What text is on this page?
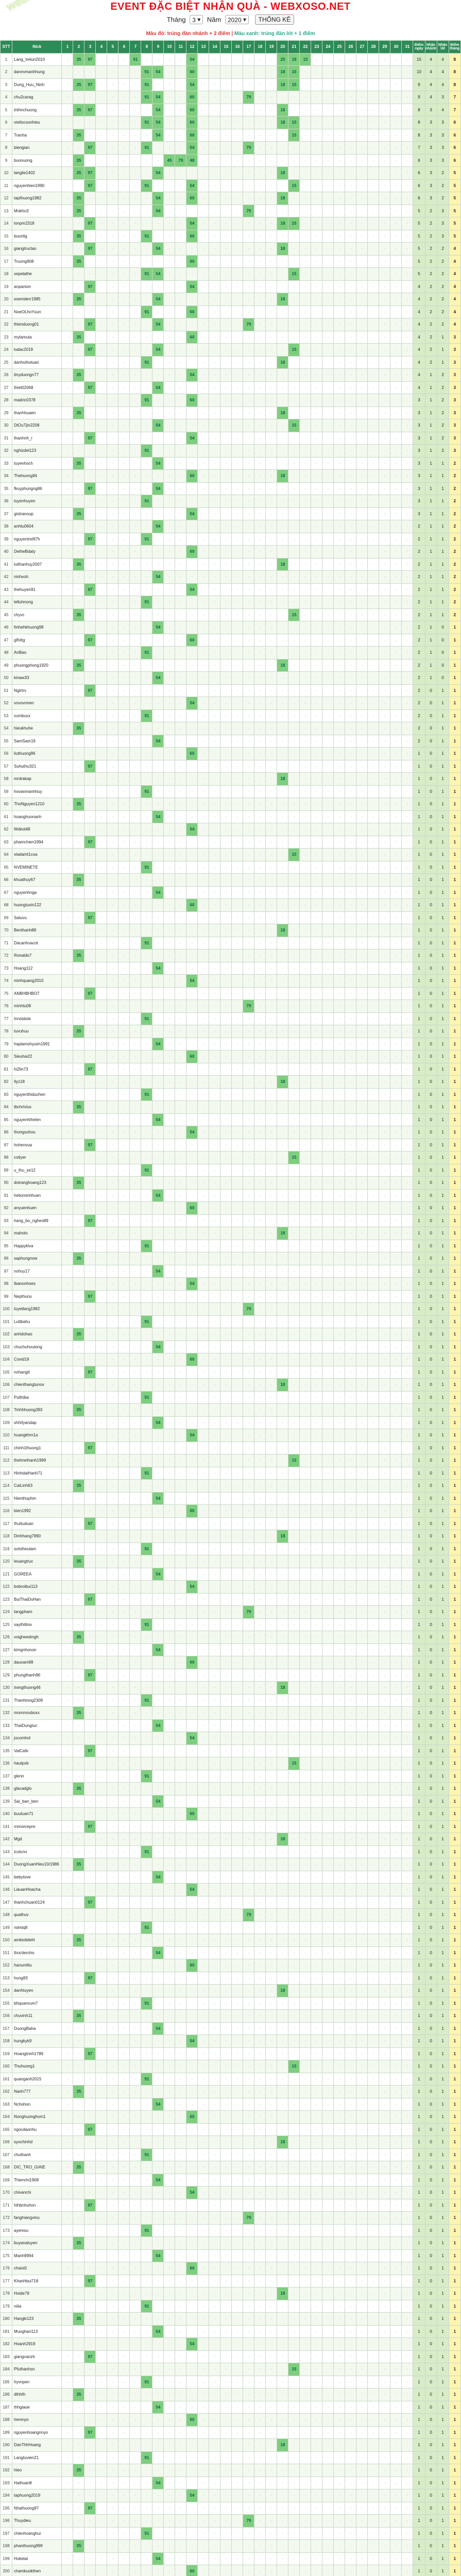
EVENT ĐẶC BIỆT NHẬN QUÀ - WEBXOSO.NET
Tháng 3 ▾ Năm 2020 ▾ THỐNG KÊ
Màu đỏ: trúng đàn nhánh + 2 điểm | Màu xanh: trúng đàn lót + 1 điểm
STT	Nick	1	2	3	4	5	6	7	8	9	10	11	12	13	14	15	16	17	18	19	20	21	22	23	24	25	26	27	28	29	30	31	Điểm ngày	Nhận nhánh	Nhận lót	Điểm tháng
1	Lang_trelun2010	-	35	97	-	-	-	91	-	-	-	-	54	-	-	-	-	-	-	-	20	18	15	-	-	-	-	-	-	-	-	-	15	4	4	8
2	dannvmanhhung	-	-	-	-	-	-	-	91	54	-	-	60	-	-	-	-	-	-	-	18	15	-	-	-	-	-	-	-	-	-	-	10	4	4	8
3	Dung_Huu_Ninh	-	35	97	-	-	-	-	91	-	-	-	54	-	-	-	-	-	-	-	18	15	-	-	-	-	-	-	-	-	-	-	9	4	4	8
4	chu2carag	-	-	-	-	-	-	-	91	54	-	-	60	-	-	-	-	79	-	-	-	-	-	-	-	-	-	-	-	-	-	-	9	4	3	7
5	tnthnchuong	-	35	97	-	-	-	-	-	54	-	-	60	-	-	-	-	-	-	-	18	-	-	-	-	-	-	-	-	-	-	-	8	3	4	7
6	vietlocsonhieu	-	-	-	-	-	-	-	91	54	-	-	60	-	-	-	-	-	-	-	18	15	-	-	-	-	-	-	-	-	-	-	8	3	3	6
7	Tranha	-	35	-	-	-	-	-	-	54	-	-	60	-	-	-	-	-	-	-	-	15	-	-	-	-	-	-	-	-	-	-	8	3	3	6
8	biengian	-	-	97	-	-	-	-	91	-	-	-	54	-	-	-	-	79	-	-	-	-	-	-	-	-	-	-	-	-	-	-	7	3	3	6
9	buonuong	-	35	-	-	-	-	-	-	-	45	79	48	-	-	-	-	-	-	-	-	-	-	-	-	-	-	-	-	-	-	-	6	3	3	6
10	langlie1402	-	35	97	-	-	-	-	-	54	-	-	-	-	-	-	-	-	-	-	18	-	-	-	-	-	-	-	-	-	-	-	6	3	2	5
11	nguyenhien1990	-	-	97	-	-	-	-	91	-	-	-	54	-	-	-	-	-	-	-	-	15	-	-	-	-	-	-	-	-	-	-	6	3	2	5
12	tapthuong1982	-	35	-	-	-	-	-	-	54	-	-	60	-	-	-	-	-	-	-	18	-	-	-	-	-	-	-	-	-	-	-	6	3	2	5
13	Mokho3	-	35	-	-	-	-	-	-	54	-	-	-	-	-	-	-	79	-	-	-	-	-	-	-	-	-	-	-	-	-	-	5	2	3	5
14	lonpm2318	-	-	97	-	-	-	-	-	-	-	-	54	-	-	-	-	-	-	-	18	15	-	-	-	-	-	-	-	-	-	-	5	2	3	5
15	buonlig	-	35	-	-	-	-	-	91	-	-	-	60	-	-	-	-	-	-	-	-	-	-	-	-	-	-	-	-	-	-	-	5	2	3	5
16	giangtruclao	-	-	97	-	-	-	-	-	54	-	-	-	-	-	-	-	-	-	-	18	-	-	-	-	-	-	-	-	-	-	-	5	2	2	4
17	Truong908	-	35	-	-	-	-	-	-	-	-	-	60	-	-	-	-	-	-	-	-	-	-	-	-	-	-	-	-	-	-	-	5	2	2	4
18	xepelathe	-	-	-	-	-	-	-	91	54	-	-	-	-	-	-	-	-	-	-	-	15	-	-	-	-	-	-	-	-	-	-	5	2	2	4
19	anpanion	-	-	97	-	-	-	-	-	-	-	-	54	-	-	-	-	-	-	-	-	-	-	-	-	-	-	-	-	-	-	-	4	2	2	4
20	soemderr1985	-	35	-	-	-	-	-	-	54	-	-	-	-	-	-	-	-	-	-	18	-	-	-	-	-	-	-	-	-	-	-	4	2	2	4
21	NoeOLhoYuun	-	-	-	-	-	-	-	91	-	-	-	60	-	-	-	-	-	-	-	-	-	-	-	-	-	-	-	-	-	-	-	4	2	2	4
22	thienduong01	-	-	97	-	-	-	-	-	54	-	-	-	-	-	-	-	79	-	-	-	-	-	-	-	-	-	-	-	-	-	-	4	2	2	4
23	mylamuta	-	35	-	-	-	-	-	-	-	-	-	60	-	-	-	-	-	-	-	-	-	-	-	-	-	-	-	-	-	-	-	4	2	1	3
24	ludac2019	-	-	97	-	-	-	-	-	54	-	-	-	-	-	-	-	-	-	-	-	15	-	-	-	-	-	-	-	-	-	-	4	2	1	3
25	danhoihotuan	-	-	-	-	-	-	-	91	-	-	-	-	-	-	-	-	-	-	-	18	-	-	-	-	-	-	-	-	-	-	-	4	2	1	3
26	tinyduongn77	-	35	-	-	-	-	-	-	-	-	-	54	-	-	-	-	-	-	-	-	-	-	-	-	-	-	-	-	-	-	-	4	1	2	3
27	thiet02068	-	-	97	-	-	-	-	-	54	-	-	-	-	-	-	-	-	-	-	-	-	-	-	-	-	-	-	-	-	-	-	4	1	2	3
28	madric0378	-	-	-	-	-	-	-	91	-	-	-	60	-	-	-	-	-	-	-	-	-	-	-	-	-	-	-	-	-	-	-	3	1	2	3
29	thanhhuaen	-	35	-	-	-	-	-	-	-	-	-	-	-	-	-	-	-	-	-	18	-	-	-	-	-	-	-	-	-	-	-	3	1	2	3
30	DtOuTjin2208	-	-	-	-	-	-	-	-	54	-	-	-	-	-	-	-	-	-	-	-	15	-	-	-	-	-	-	-	-	-	-	3	1	2	3
31	thanhnh_r	-	-	97	-	-	-	-	-	-	-	-	54	-	-	-	-	-	-	-	-	-	-	-	-	-	-	-	-	-	-	-	3	1	2	3
32	nghizdel123	-	-	-	-	-	-	-	91	-	-	-	-	-	-	-	-	-	-	-	-	-	-	-	-	-	-	-	-	-	-	-	3	1	2	3
33	tuyenhoch	-	35	-	-	-	-	-	-	54	-	-	-	-	-	-	-	-	-	-	-	-	-	-	-	-	-	-	-	-	-	-	3	1	1	2
34	Thehuong94	-	-	-	-	-	-	-	-	-	-	-	60	-	-	-	-	-	-	-	18	-	-	-	-	-	-	-	-	-	-	-	3	1	1	2
35	fkuyphungng86	-	-	97	-	-	-	-	-	54	-	-	-	-	-	-	-	-	-	-	-	-	-	-	-	-	-	-	-	-	-	-	3	1	1	2
36	tuyenhuyen	-	-	-	-	-	-	-	91	-	-	-	-	-	-	-	-	-	-	-	-	-	-	-	-	-	-	-	-	-	-	-	3	1	1	2
37	giotranoup	-	35	-	-	-	-	-	-	-	-	-	54	-	-	-	-	-	-	-	-	-	-	-	-	-	-	-	-	-	-	-	3	1	1	2
38	anhtu0604	-	-	-	-	-	-	-	-	54	-	-	-	-	-	-	-	-	-	-	-	-	-	-	-	-	-	-	-	-	-	-	2	1	1	2
39	nguyentrel97h	-	-	97	-	-	-	-	91	-	-	-	-	-	-	-	-	-	-	-	-	-	-	-	-	-	-	-	-	-	-	-	2	1	1	2
40	DetheBdaty	-	-	-	-	-	-	-	-	-	-	-	60	-	-	-	-	-	-	-	-	-	-	-	-	-	-	-	-	-	-	-	2	1	1	2
41	luithanhuy2007	-	35	-	-	-	-	-	-	-	-	-	-	-	-	-	-	-	-	-	18	-	-	-	-	-	-	-	-	-	-	-	2	1	1	2
42	ninhvoh	-	-	-	-	-	-	-	-	54	-	-	-	-	-	-	-	-	-	-	-	-	-	-	-	-	-	-	-	-	-	-	2	1	1	2
43	thehuyen91	-	-	97	-	-	-	-	-	-	-	-	54	-	-	-	-	-	-	-	-	-	-	-	-	-	-	-	-	-	-	-	2	1	1	2
44	leltuhnong	-	-	-	-	-	-	-	91	-	-	-	-	-	-	-	-	-	-	-	-	-	-	-	-	-	-	-	-	-	-	-	2	1	1	2
45	chyvc	-	35	-	-	-	-	-	-	-	-	-	-	-	-	-	-	-	-	-	-	15	-	-	-	-	-	-	-	-	-	-	2	1	1	2
46	fmhehkhuong98	-	-	-	-	-	-	-	-	54	-	-	-	-	-	-	-	-	-	-	-	-	-	-	-	-	-	-	-	-	-	-	2	1	0	1
47	glfxttg	-	-	97	-	-	-	-	-	-	-	-	60	-	-	-	-	-	-	-	-	-	-	-	-	-	-	-	-	-	-	-	2	1	0	1
48	AnBao	-	-	-	-	-	-	-	91	-	-	-	-	-	-	-	-	-	-	-	-	-	-	-	-	-	-	-	-	-	-	-	2	1	0	1
49	phuongphong1920	-	35	-	-	-	-	-	-	-	-	-	-	-	-	-	-	-	-	-	18	-	-	-	-	-	-	-	-	-	-	-	2	1	0	1
50	kinaw33	-	-	-	-	-	-	-	-	54	-	-	-	-	-	-	-	-	-	-	-	-	-	-	-	-	-	-	-	-	-	-	2	1	0	1
51	Ngtrtrv	-	-	97	-	-	-	-	-	-	-	-	-	-	-	-	-	-	-	-	-	-	-	-	-	-	-	-	-	-	-	-	2	0	1	1
52	vovovnnen	-	-	-	-	-	-	-	-	-	-	-	54	-	-	-	-	-	-	-	-	-	-	-	-	-	-	-	-	-	-	-	2	0	1	1
53	vumbuxx	-	-	-	-	-	-	-	91	-	-	-	-	-	-	-	-	-	-	-	-	-	-	-	-	-	-	-	-	-	-	-	2	0	1	1
54	hieukhuhe	-	35	-	-	-	-	-	-	-	-	-	-	-	-	-	-	-	-	-	-	-	-	-	-	-	-	-	-	-	-	-	2	0	1	1
55	SamSam19	-	-	-	-	-	-	-	-	54	-	-	-	-	-	-	-	-	-	-	-	-	-	-	-	-	-	-	-	-	-	-	2	0	1	1
56	liuthuong96	-	-	-	-	-	-	-	-	-	-	-	60	-	-	-	-	-	-	-	-	-	-	-	-	-	-	-	-	-	-	-	1	0	1	1
57	Suhuthu321	-	-	97	-	-	-	-	-	-	-	-	-	-	-	-	-	-	-	-	-	-	-	-	-	-	-	-	-	-	-	-	1	0	1	1
58	mrdrakap	-	-	-	-	-	-	-	-	-	-	-	-	-	-	-	-	-	-	-	18	-	-	-	-	-	-	-	-	-	-	-	1	0	1	1
59	hovanmanhhuy	-	-	-	-	-	-	-	91	-	-	-	-	-	-	-	-	-	-	-	-	-	-	-	-	-	-	-	-	-	-	-	1	0	1	1
60	ThoNguyen1210	-	35	-	-	-	-	-	-	-	-	-	-	-	-	-	-	-	-	-	-	-	-	-	-	-	-	-	-	-	-	-	1	0	1	1
61	hoanghoonanh	-	-	-	-	-	-	-	-	54	-	-	-	-	-	-	-	-	-	-	-	-	-	-	-	-	-	-	-	-	-	-	1	0	1	1
62	Wdeol48	-	-	-	-	-	-	-	-	-	-	-	54	-	-	-	-	-	-	-	-	-	-	-	-	-	-	-	-	-	-	-	1	0	1	1
63	phamchien1994	-	-	97	-	-	-	-	-	-	-	-	-	-	-	-	-	-	-	-	-	-	-	-	-	-	-	-	-	-	-	-	1	0	1	1
64	vladamt1coa	-	-	-	-	-	-	-	-	-	-	-	-	-	-	-	-	-	-	-	-	15	-	-	-	-	-	-	-	-	-	-	1	0	1	1
65	NVEMINETE	-	-	-	-	-	-	-	91	-	-	-	-	-	-	-	-	-	-	-	-	-	-	-	-	-	-	-	-	-	-	-	1	0	1	1
66	khuathuy67	-	35	-	-	-	-	-	-	-	-	-	-	-	-	-	-	-	-	-	-	-	-	-	-	-	-	-	-	-	-	-	1	0	1	1
67	nguyenhnga	-	-	-	-	-	-	-	-	54	-	-	-	-	-	-	-	-	-	-	-	-	-	-	-	-	-	-	-	-	-	-	1	0	1	1
68	huongtuoin122	-	-	-	-	-	-	-	-	-	-	-	60	-	-	-	-	-	-	-	-	-	-	-	-	-	-	-	-	-	-	-	1	0	1	1
69	Satuvu	-	-	97	-	-	-	-	-	-	-	-	-	-	-	-	-	-	-	-	-	-	-	-	-	-	-	-	-	-	-	-	1	0	1	1
70	Benthanh88	-	-	-	-	-	-	-	-	-	-	-	-	-	-	-	-	-	-	-	18	-	-	-	-	-	-	-	-	-	-	-	1	0	1	1
71	Dacanhvacot	-	-	-	-	-	-	-	91	-	-	-	-	-	-	-	-	-	-	-	-	-	-	-	-	-	-	-	-	-	-	-	1	0	1	1
72	Ronaldo7	-	35	-	-	-	-	-	-	-	-	-	-	-	-	-	-	-	-	-	-	-	-	-	-	-	-	-	-	-	-	-	1	0	1	1
73	Hoang112	-	-	-	-	-	-	-	-	54	-	-	-	-	-	-	-	-	-	-	-	-	-	-	-	-	-	-	-	-	-	-	1	0	1	1
74	minhquang2010	-	-	-	-	-	-	-	-	-	-	-	54	-	-	-	-	-	-	-	-	-	-	-	-	-	-	-	-	-	-	-	1	0	1	1
75	ANBHBHBO7	-	-	97	-	-	-	-	-	-	-	-	-	-	-	-	-	-	-	-	-	-	-	-	-	-	-	-	-	-	-	-	1	0	1	1
76	minhtu08	-	-	-	-	-	-	-	-	-	-	-	-	-	-	-	-	79	-	-	-	-	-	-	-	-	-	-	-	-	-	-	1	0	1	1
77	Innstdote	-	-	-	-	-	-	-	91	-	-	-	-	-	-	-	-	-	-	-	-	-	-	-	-	-	-	-	-	-	-	-	1	0	1	1
78	tuvuhuu	-	35	-	-	-	-	-	-	-	-	-	-	-	-	-	-	-	-	-	-	-	-	-	-	-	-	-	-	-	-	-	1	0	1	1
79	haplamohyuim1991	-	-	-	-	-	-	-	-	54	-	-	-	-	-	-	-	-	-	-	-	-	-	-	-	-	-	-	-	-	-	-	1	0	1	1
80	Sieuhai22	-	-	-	-	-	-	-	-	-	-	-	60	-	-	-	-	-	-	-	-	-	-	-	-	-	-	-	-	-	-	-	1	0	1	1
81	hi2lin73	-	-	97	-	-	-	-	-	-	-	-	-	-	-	-	-	-	-	-	-	-	-	-	-	-	-	-	-	-	-	-	1	0	1	1
82	Ilyz18	-	-	-	-	-	-	-	-	-	-	-	-	-	-	-	-	-	-	-	18	-	-	-	-	-	-	-	-	-	-	-	1	0	1	1
83	nguyenthiduchen	-	-	-	-	-	-	-	91	-	-	-	-	-	-	-	-	-	-	-	-	-	-	-	-	-	-	-	-	-	-	-	1	0	1	1
84	tbchrivius	-	35	-	-	-	-	-	-	-	-	-	-	-	-	-	-	-	-	-	-	-	-	-	-	-	-	-	-	-	-	-	1	0	1	1
85	nguyenhihelen	-	-	-	-	-	-	-	-	54	-	-	-	-	-	-	-	-	-	-	-	-	-	-	-	-	-	-	-	-	-	-	1	0	1	1
86	thongsohou	-	-	-	-	-	-	-	-	-	-	-	54	-	-	-	-	-	-	-	-	-	-	-	-	-	-	-	-	-	-	-	1	0	1	1
87	hohenvua	-	-	97	-	-	-	-	-	-	-	-	-	-	-	-	-	-	-	-	-	-	-	-	-	-	-	-	-	-	-	-	1	0	1	1
88	cotiyer	-	-	-	-	-	-	-	-	-	-	-	-	-	-	-	-	-	-	-	-	15	-	-	-	-	-	-	-	-	-	-	1	0	1	1
89	u_thu_se12	-	-	-	-	-	-	-	91	-	-	-	-	-	-	-	-	-	-	-	-	-	-	-	-	-	-	-	-	-	-	-	1	0	1	1
90	dotranghoang123	-	35	-	-	-	-	-	-	-	-	-	-	-	-	-	-	-	-	-	-	-	-	-	-	-	-	-	-	-	-	-	1	0	1	1
91	heliominhhuen	-	-	-	-	-	-	-	-	54	-	-	-	-	-	-	-	-	-	-	-	-	-	-	-	-	-	-	-	-	-	-	1	0	1	1
92	anyuenhuen	-	-	-	-	-	-	-	-	-	-	-	60	-	-	-	-	-	-	-	-	-	-	-	-	-	-	-	-	-	-	-	1	0	1	1
93	hang_bo_ngheo89	-	-	97	-	-	-	-	-	-	-	-	-	-	-	-	-	-	-	-	-	-	-	-	-	-	-	-	-	-	-	-	1	0	1	1
94	mahoto	-	-	-	-	-	-	-	-	-	-	-	-	-	-	-	-	-	-	-	18	-	-	-	-	-	-	-	-	-	-	-	1	0	1	1
95	Happyklva	-	-	-	-	-	-	-	91	-	-	-	-	-	-	-	-	-	-	-	-	-	-	-	-	-	-	-	-	-	-	-	1	0	1	1
96	saphungnow	-	35	-	-	-	-	-	-	-	-	-	-	-	-	-	-	-	-	-	-	-	-	-	-	-	-	-	-	-	-	-	1	0	1	1
97	nohuy17	-	-	-	-	-	-	-	-	54	-	-	-	-	-	-	-	-	-	-	-	-	-	-	-	-	-	-	-	-	-	-	1	0	1	1
98	Ibanonhoes	-	-	-	-	-	-	-	-	-	-	-	54	-	-	-	-	-	-	-	-	-	-	-	-	-	-	-	-	-	-	-	1	0	1	1
99	Nepthunu	-	-	97	-	-	-	-	-	-	-	-	-	-	-	-	-	-	-	-	-	-	-	-	-	-	-	-	-	-	-	-	1	0	1	1
100	tuyetlang1982	-	-	-	-	-	-	-	-	-	-	-	-	-	-	-	-	79	-	-	-	-	-	-	-	-	-	-	-	-	-	-	1	0	1	1
101	Luttbahu	-	-	-	-	-	-	-	91	-	-	-	-	-	-	-	-	-	-	-	-	-	-	-	-	-	-	-	-	-	-	-	1	0	1	1
102	anhdohao	-	35	-	-	-	-	-	-	-	-	-	-	-	-	-	-	-	-	-	-	-	-	-	-	-	-	-	-	-	-	-	1	0	1	1
103	chuchuhoutong	-	-	-	-	-	-	-	-	54	-	-	-	-	-	-	-	-	-	-	-	-	-	-	-	-	-	-	-	-	-	-	1	0	1	1
104	Covid19	-	-	-	-	-	-	-	-	-	-	-	60	-	-	-	-	-	-	-	-	-	-	-	-	-	-	-	-	-	-	-	1	0	1	1
105	nohangtl	-	-	97	-	-	-	-	-	-	-	-	-	-	-	-	-	-	-	-	-	-	-	-	-	-	-	-	-	-	-	-	1	0	1	1
106	chienthangtunov	-	-	-	-	-	-	-	-	-	-	-	-	-	-	-	-	-	-	-	18	-	-	-	-	-	-	-	-	-	-	-	1	0	1	1
107	Pulthiba	-	-	-	-	-	-	-	91	-	-	-	-	-	-	-	-	-	-	-	-	-	-	-	-	-	-	-	-	-	-	-	1	0	1	1
108	Tinhhhuong393	-	35	-	-	-	-	-	-	-	-	-	-	-	-	-	-	-	-	-	-	-	-	-	-	-	-	-	-	-	-	-	1	0	1	1
109	shh0yandap	-	-	-	-	-	-	-	-	54	-	-	-	-	-	-	-	-	-	-	-	-	-	-	-	-	-	-	-	-	-	-	1	0	1	1
110	huangkhm1a	-	-	-	-	-	-	-	-	-	-	-	54	-	-	-	-	-	-	-	-	-	-	-	-	-	-	-	-	-	-	-	1	0	1	1
111	chinh1thuong1	-	-	97	-	-	-	-	-	-	-	-	-	-	-	-	-	-	-	-	-	-	-	-	-	-	-	-	-	-	-	-	1	0	1	1
112	thetmethanh1999	-	-	-	-	-	-	-	-	-	-	-	-	-	-	-	-	-	-	-	-	15	-	-	-	-	-	-	-	-	-	-	1	0	1	1
113	HinhdaiHanh71	-	-	-	-	-	-	-	91	-	-	-	-	-	-	-	-	-	-	-	-	-	-	-	-	-	-	-	-	-	-	-	1	0	1	1
114	CaiLinh63	-	35	-	-	-	-	-	-	-	-	-	-	-	-	-	-	-	-	-	-	-	-	-	-	-	-	-	-	-	-	-	1	0	1	1
115	Hienthuphm	-	-	-	-	-	-	-	-	54	-	-	-	-	-	-	-	-	-	-	-	-	-	-	-	-	-	-	-	-	-	-	1	0	1	1
116	bien1992	-	-	-	-	-	-	-	-	-	-	-	60	-	-	-	-	-	-	-	-	-	-	-	-	-	-	-	-	-	-	-	1	0	1	1
117	thuttuduan	-	-	97	-	-	-	-	-	-	-	-	-	-	-	-	-	-	-	-	-	-	-	-	-	-	-	-	-	-	-	-	1	0	1	1
118	Dinhhang7890	-	-	-	-	-	-	-	-	-	-	-	-	-	-	-	-	-	-	-	18	-	-	-	-	-	-	-	-	-	-	-	1	0	1	1
119	solotheulam	-	-	-	-	-	-	-	91	-	-	-	-	-	-	-	-	-	-	-	-	-	-	-	-	-	-	-	-	-	-	-	1	0	1	1
120	leuangtruc	-	35	-	-	-	-	-	-	-	-	-	-	-	-	-	-	-	-	-	-	-	-	-	-	-	-	-	-	-	-	-	1	0	1	1
121	GOREEA	-	-	-	-	-	-	-	-	54	-	-	-	-	-	-	-	-	-	-	-	-	-	-	-	-	-	-	-	-	-	-	1	0	1	1
122	bobroibui113	-	-	-	-	-	-	-	-	-	-	-	54	-	-	-	-	-	-	-	-	-	-	-	-	-	-	-	-	-	-	-	1	0	1	1
123	BuiThaiDoHan	-	-	97	-	-	-	-	-	-	-	-	-	-	-	-	-	-	-	-	-	-	-	-	-	-	-	-	-	-	-	-	1	0	1	1
124	tangpham	-	-	-	-	-	-	-	-	-	-	-	-	-	-	-	-	79	-	-	-	-	-	-	-	-	-	-	-	-	-	-	1	0	1	1
125	saythiltiov	-	-	-	-	-	-	-	91	-	-	-	-	-	-	-	-	-	-	-	-	-	-	-	-	-	-	-	-	-	-	-	1	0	1	1
126	voigheedmgh	-	35	-	-	-	-	-	-	-	-	-	-	-	-	-	-	-	-	-	-	-	-	-	-	-	-	-	-	-	-	-	1	0	1	1
127	kimgnhonon	-	-	-	-	-	-	-	-	54	-	-	-	-	-	-	-	-	-	-	-	-	-	-	-	-	-	-	-	-	-	-	1	0	1	1
128	dauxam98	-	-	-	-	-	-	-	-	-	-	-	60	-	-	-	-	-	-	-	-	-	-	-	-	-	-	-	-	-	-	-	1	0	1	1
129	phungthanh96	-	-	97	-	-	-	-	-	-	-	-	-	-	-	-	-	-	-	-	-	-	-	-	-	-	-	-	-	-	-	-	1	0	1	1
130	trangthuong46	-	-	-	-	-	-	-	-	-	-	-	-	-	-	-	-	-	-	-	18	-	-	-	-	-	-	-	-	-	-	-	1	0	1	1
131	Thanhtong2309	-	-	-	-	-	-	-	91	-	-	-	-	-	-	-	-	-	-	-	-	-	-	-	-	-	-	-	-	-	-	-	1	0	1	1
132	mommoxboxx	-	35	-	-	-	-	-	-	-	-	-	-	-	-	-	-	-	-	-	-	-	-	-	-	-	-	-	-	-	-	-	1	0	1	1
133	ThaiDungtuc	-	-	-	-	-	-	-	-	54	-	-	-	-	-	-	-	-	-	-	-	-	-	-	-	-	-	-	-	-	-	-	1	0	1	1
134	jocomhol	-	-	-	-	-	-	-	-	-	-	-	54	-	-	-	-	-	-	-	-	-	-	-	-	-	-	-	-	-	-	-	1	0	1	1
135	ValCafe	-	-	97	-	-	-	-	-	-	-	-	-	-	-	-	-	-	-	-	-	-	-	-	-	-	-	-	-	-	-	-	1	0	1	1
136	hautpvb	-	-	-	-	-	-	-	-	-	-	-	-	-	-	-	-	-	-	-	-	15	-	-	-	-	-	-	-	-	-	-	1	0	1	1
137	glenn	-	-	-	-	-	-	-	91	-	-	-	-	-	-	-	-	-	-	-	-	-	-	-	-	-	-	-	-	-	-	-	1	0	1	1
138	glacadglo	-	35	-	-	-	-	-	-	-	-	-	-	-	-	-	-	-	-	-	-	-	-	-	-	-	-	-	-	-	-	-	1	0	1	1
139	Sai_ban_ben	-	-	-	-	-	-	-	-	54	-	-	-	-	-	-	-	-	-	-	-	-	-	-	-	-	-	-	-	-	-	-	1	0	1	1
140	buutuan71	-	-	-	-	-	-	-	-	-	-	-	60	-	-	-	-	-	-	-	-	-	-	-	-	-	-	-	-	-	-	-	1	0	1	1
141	rnmonrepre	-	-	97	-	-	-	-	-	-	-	-	-	-	-	-	-	-	-	-	-	-	-	-	-	-	-	-	-	-	-	-	1	0	1	1
142	Mgd	-	-	-	-	-	-	-	-	-	-	-	-	-	-	-	-	-	-	-	18	-	-	-	-	-	-	-	-	-	-	-	1	0	1	1
143	Icolcnn	-	-	-	-	-	-	-	91	-	-	-	-	-	-	-	-	-	-	-	-	-	-	-	-	-	-	-	-	-	-	-	1	0	1	1
144	DuongXuanHieu10/1986	-	35	-	-	-	-	-	-	-	-	-	-	-	-	-	-	-	-	-	-	-	-	-	-	-	-	-	-	-	-	-	1	0	1	1
145	bebytove	-	-	-	-	-	-	-	-	54	-	-	-	-	-	-	-	-	-	-	-	-	-	-	-	-	-	-	-	-	-	-	1	0	1	1
146	LiauanHoacha	-	-	-	-	-	-	-	-	-	-	-	54	-	-	-	-	-	-	-	-	-	-	-	-	-	-	-	-	-	-	-	1	0	1	1
147	thanhchuan0124	-	-	97	-	-	-	-	-	-	-	-	-	-	-	-	-	-	-	-	-	-	-	-	-	-	-	-	-	-	-	-	1	0	1	1
148	quathuv	-	-	-	-	-	-	-	-	-	-	-	-	-	-	-	-	79	-	-	-	-	-	-	-	-	-	-	-	-	-	-	1	0	1	1
149	ndmiq8	-	-	-	-	-	-	-	91	-	-	-	-	-	-	-	-	-	-	-	-	-	-	-	-	-	-	-	-	-	-	-	1	0	1	1
150	ambiolidehl	-	35	-	-	-	-	-	-	-	-	-	-	-	-	-	-	-	-	-	-	-	-	-	-	-	-	-	-	-	-	-	1	0	1	1
151	thoctieroho	-	-	-	-	-	-	-	-	54	-	-	-	-	-	-	-	-	-	-	-	-	-	-	-	-	-	-	-	-	-	-	1	0	1	1
152	hanumlitu	-	-	-	-	-	-	-	-	-	-	-	60	-	-	-	-	-	-	-	-	-	-	-	-	-	-	-	-	-	-	-	1	0	1	1
153	hung83	-	-	97	-	-	-	-	-	-	-	-	-	-	-	-	-	-	-	-	-	-	-	-	-	-	-	-	-	-	-	-	1	0	1	1
154	danhtuyen	-	-	-	-	-	-	-	-	-	-	-	-	-	-	-	-	-	-	-	18	-	-	-	-	-	-	-	-	-	-	-	1	0	1	1
155	bhquanvum7	-	-	-	-	-	-	-	91	-	-	-	-	-	-	-	-	-	-	-	-	-	-	-	-	-	-	-	-	-	-	-	1	0	1	1
156	chuvinh11	-	35	-	-	-	-	-	-	-	-	-	-	-	-	-	-	-	-	-	-	-	-	-	-	-	-	-	-	-	-	-	1	0	1	1
157	DuongBaha	-	-	-	-	-	-	-	-	54	-	-	-	-	-	-	-	-	-	-	-	-	-	-	-	-	-	-	-	-	-	-	1	0	1	1
158	hungkyk9	-	-	-	-	-	-	-	-	-	-	-	54	-	-	-	-	-	-	-	-	-	-	-	-	-	-	-	-	-	-	-	1	0	1	1
159	Hoangtrinh1789	-	-	97	-	-	-	-	-	-	-	-	-	-	-	-	-	-	-	-	-	-	-	-	-	-	-	-	-	-	-	-	1	0	1	1
160	Thuhuong1	-	-	-	-	-	-	-	-	-	-	-	-	-	-	-	-	-	-	-	-	15	-	-	-	-	-	-	-	-	-	-	1	0	1	1
161	quanganh2015	-	-	-	-	-	-	-	91	-	-	-	-	-	-	-	-	-	-	-	-	-	-	-	-	-	-	-	-	-	-	-	1	0	1	1
162	Nanh777	-	35	-	-	-	-	-	-	-	-	-	-	-	-	-	-	-	-	-	-	-	-	-	-	-	-	-	-	-	-	-	1	0	1	1
163	Nchohon	-	-	-	-	-	-	-	-	54	-	-	-	-	-	-	-	-	-	-	-	-	-	-	-	-	-	-	-	-	-	-	1	0	1	1
164	Nonghuonghom1	-	-	-	-	-	-	-	-	-	-	-	60	-	-	-	-	-	-	-	-	-	-	-	-	-	-	-	-	-	-	-	1	0	1	1
165	ngocdaonhu	-	-	97	-	-	-	-	-	-	-	-	-	-	-	-	-	-	-	-	-	-	-	-	-	-	-	-	-	-	-	-	1	0	1	1
166	syochinhd	-	-	-	-	-	-	-	-	-	-	-	-	-	-	-	-	-	-	-	18	-	-	-	-	-	-	-	-	-	-	-	1	0	1	1
167	chuthanh	-	-	-	-	-	-	-	91	-	-	-	-	-	-	-	-	-	-	-	-	-	-	-	-	-	-	-	-	-	-	-	1	0	1	1
168	DIC_TRO_GIAIE	-	35	-	-	-	-	-	-	-	-	-	-	-	-	-	-	-	-	-	-	-	-	-	-	-	-	-	-	-	-	-	1	0	1	1
169	Thienchi1908	-	-	-	-	-	-	-	-	54	-	-	-	-	-	-	-	-	-	-	-	-	-	-	-	-	-	-	-	-	-	-	1	0	1	1
170	chivanchi	-	-	-	-	-	-	-	-	-	-	-	54	-	-	-	-	-	-	-	-	-	-	-	-	-	-	-	-	-	-	-	1	0	1	1
171	hthbnhuhon	-	-	97	-	-	-	-	-	-	-	-	-	-	-	-	-	-	-	-	-	-	-	-	-	-	-	-	-	-	-	-	1	0	1	1
172	fanghiangvinu	-	-	-	-	-	-	-	-	-	-	-	-	-	-	-	-	79	-	-	-	-	-	-	-	-	-	-	-	-	-	-	1	0	1	1
173	ayemsu	-	-	-	-	-	-	-	91	-	-	-	-	-	-	-	-	-	-	-	-	-	-	-	-	-	-	-	-	-	-	-	1	0	1	1
174	buyanaluyen	-	35	-	-	-	-	-	-	-	-	-	-	-	-	-	-	-	-	-	-	-	-	-	-	-	-	-	-	-	-	-	1	0	1	1
175	Manh9994	-	-	-	-	-	-	-	-	54	-	-	-	-	-	-	-	-	-	-	-	-	-	-	-	-	-	-	-	-	-	-	1	0	1	1
176	chaixi0	-	-	-	-	-	-	-	-	-	-	-	60	-	-	-	-	-	-	-	-	-	-	-	-	-	-	-	-	-	-	-	1	0	1	1
177	Khanhbui718	-	-	97	-	-	-	-	-	-	-	-	-	-	-	-	-	-	-	-	-	-	-	-	-	-	-	-	-	-	-	-	1	0	1	1
178	Hoide79	-	-	-	-	-	-	-	-	-	-	-	-	-	-	-	-	-	-	-	18	-	-	-	-	-	-	-	-	-	-	-	1	0	1	1
179	niiia	-	-	-	-	-	-	-	91	-	-	-	-	-	-	-	-	-	-	-	-	-	-	-	-	-	-	-	-	-	-	-	1	0	1	1
180	Hangki123	-	35	-	-	-	-	-	-	-	-	-	-	-	-	-	-	-	-	-	-	-	-	-	-	-	-	-	-	-	-	-	1	0	1	1
181	Muoghan113	-	-	-	-	-	-	-	-	54	-	-	-	-	-	-	-	-	-	-	-	-	-	-	-	-	-	-	-	-	-	-	1	0	1	1
182	Hoanh2919	-	-	-	-	-	-	-	-	-	-	-	54	-	-	-	-	-	-	-	-	-	-	-	-	-	-	-	-	-	-	-	1	0	1	1
183	giangvanzh	-	-	97	-	-	-	-	-	-	-	-	-	-	-	-	-	-	-	-	-	-	-	-	-	-	-	-	-	-	-	-	1	0	1	1
184	Pfuthanhsn	-	-	-	-	-	-	-	-	-	-	-	-	-	-	-	-	-	-	-	-	15	-	-	-	-	-	-	-	-	-	-	1	0	1	1
185	hyvnpen	-	-	-	-	-	-	-	91	-	-	-	-	-	-	-	-	-	-	-	-	-	-	-	-	-	-	-	-	-	-	-	1	0	1	1
186	dthhth	-	35	-	-	-	-	-	-	-	-	-	-	-	-	-	-	-	-	-	-	-	-	-	-	-	-	-	-	-	-	-	1	0	1	1
187	thhgiaoe	-	-	-	-	-	-	-	-	54	-	-	-	-	-	-	-	-	-	-	-	-	-	-	-	-	-	-	-	-	-	-	1	0	1	1
188	hemnyo	-	-	-	-	-	-	-	-	-	-	-	60	-	-	-	-	-	-	-	-	-	-	-	-	-	-	-	-	-	-	-	1	0	1	1
189	nguyenhoangnnyo	-	-	97	-	-	-	-	-	-	-	-	-	-	-	-	-	-	-	-	-	-	-	-	-	-	-	-	-	-	-	-	1	0	1	1
190	DanThhHoang	-	-	-	-	-	-	-	-	-	-	-	-	-	-	-	-	-	-	-	18	-	-	-	-	-	-	-	-	-	-	-	1	0	1	1
191	Langtuvien21	-	-	-	-	-	-	-	91	-	-	-	-	-	-	-	-	-	-	-	-	-	-	-	-	-	-	-	-	-	-	-	1	0	1	1
192	hieo	-	35	-	-	-	-	-	-	-	-	-	-	-	-	-	-	-	-	-	-	-	-	-	-	-	-	-	-	-	-	-	1	0	1	1
193	Hathoan8	-	-	-	-	-	-	-	-	54	-	-	-	-	-	-	-	-	-	-	-	-	-	-	-	-	-	-	-	-	-	-	1	0	1	1
194	taphuong2019	-	-	-	-	-	-	-	-	-	-	-	54	-	-	-	-	-	-	-	-	-	-	-	-	-	-	-	-	-	-	-	1	0	1	1
195	Nhathuong97	-	-	97	-	-	-	-	-	-	-	-	-	-	-	-	-	-	-	-	-	-	-	-	-	-	-	-	-	-	-	-	1	0	1	1
196	Thuydieu	-	-	-	-	-	-	-	-	-	-	-	-	-	-	-	-	79	-	-	-	-	-	-	-	-	-	-	-	-	-	-	1	0	1	1
197	chienhoanghui	-	-	-	-	-	-	-	91	-	-	-	-	-	-	-	-	-	-	-	-	-	-	-	-	-	-	-	-	-	-	-	1	0	1	1
198	phanthuong999	-	35	-	-	-	-	-	-	-	-	-	-	-	-	-	-	-	-	-	-	-	-	-	-	-	-	-	-	-	-	-	1	0	1	1
199	Hokelat	-	-	-	-	-	-	-	-	54	-	-	-	-	-	-	-	-	-	-	-	-	-	-	-	-	-	-	-	-	-	-	1	0	1	1
200	chamkuokthen	-	-	-	-	-	-	-	-	-	-	-	60	-	-	-	-	-	-	-	-	-	-	-	-	-	-	-	-	-	-	-	1	0	1	1
